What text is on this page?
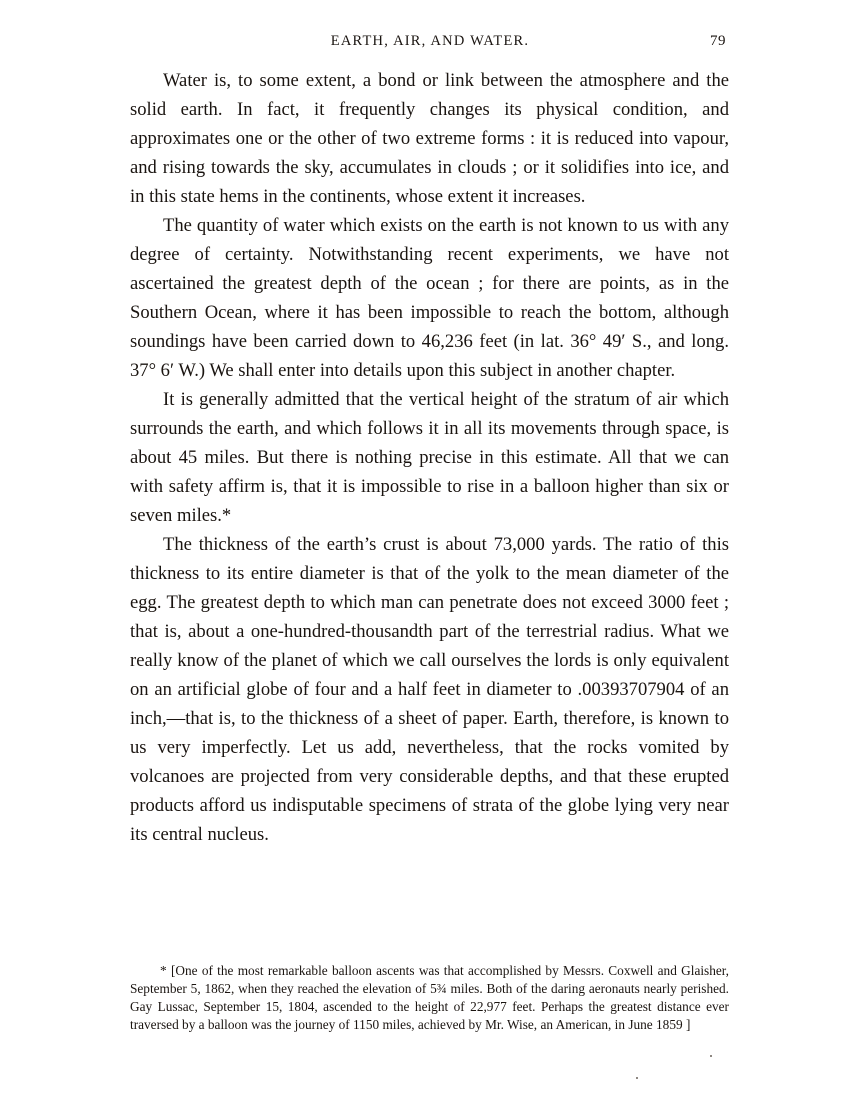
EARTH, AIR, AND WATER.	79

Water is, to some extent, a bond or link between the atmosphere and the solid earth. In fact, it frequently changes its physical condition, and approximates one or the other of two extreme forms : it is reduced into vapour, and rising towards the sky, accumulates in clouds ; or it solidifies into ice, and in this state hems in the continents, whose extent it increases.

The quantity of water which exists on the earth is not known to us with any degree of certainty. Notwithstanding recent experiments, we have not ascertained the greatest depth of the ocean ; for there are points, as in the Southern Ocean, where it has been impossible to reach the bottom, although soundings have been carried down to 46,236 feet (in lat. 36° 49′ S., and long. 37° 6′ W.) We shall enter into details upon this subject in another chapter.

It is generally admitted that the vertical height of the stratum of air which surrounds the earth, and which follows it in all its movements through space, is about 45 miles. But there is nothing precise in this estimate. All that we can with safety affirm is, that it is impossible to rise in a balloon higher than six or seven miles.*

The thickness of the earth’s crust is about 73,000 yards. The ratio of this thickness to its entire diameter is that of the yolk to the mean diameter of the egg. The greatest depth to which man can penetrate does not exceed 3000 feet ; that is, about a one-hundred-thousandth part of the terrestrial radius. What we really know of the planet of which we call ourselves the lords is only equivalent on an artificial globe of four and a half feet in diameter to .00393707904 of an inch,—that is, to the thickness of a sheet of paper. Earth, therefore, is known to us very imperfectly. Let us add, nevertheless, that the rocks vomited by volcanoes are projected from very considerable depths, and that these erupted products afford us indisputable specimens of strata of the globe lying very near its central nucleus.

* [One of the most remarkable balloon ascents was that accomplished by Messrs. Coxwell and Glaisher, September 5, 1862, when they reached the elevation of 5¾ miles. Both of the daring aeronauts nearly perished. Gay Lussac, September 15, 1804, ascended to the height of 22,977 feet. Perhaps the greatest distance ever traversed by a balloon was the journey of 1150 miles, achieved by Mr. Wise, an American, in June 1859 ]
